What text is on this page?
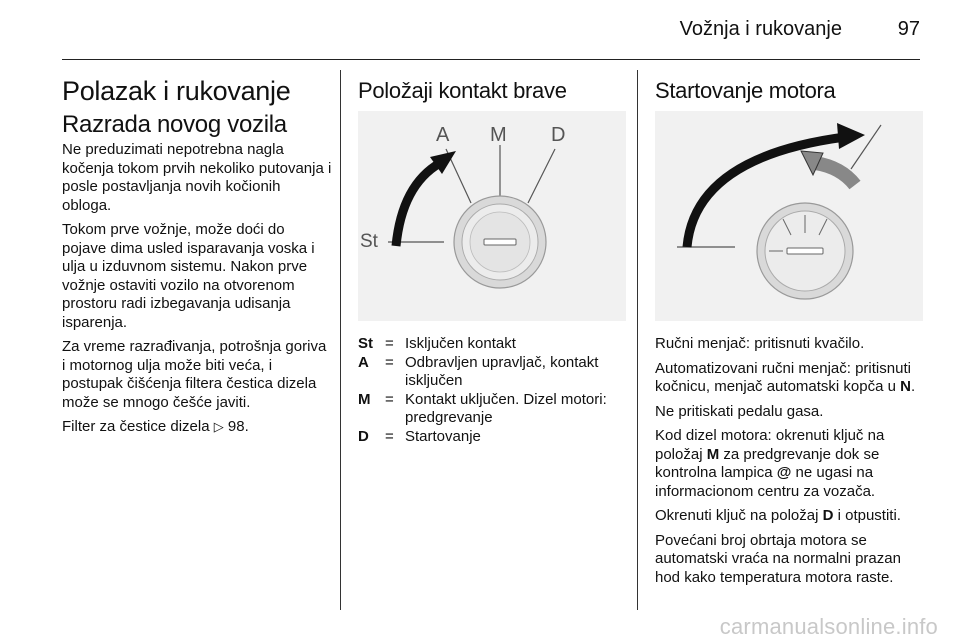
Vožnja i rukovanje	97
Polazak i rukovanje
Razrada novog vozila

Ne preduzimati nepotrebna nagla kočenja tokom prvih nekoliko putovanja i posle postavljanja novih kočionih obloga.

Tokom prve vožnje, može doći do pojave dima usled isparavanja voska i ulja u izduvnom sistemu. Nakon prve vožnje ostaviti vozilo na otvorenom prostoru radi izbegavanja udisanja isparenja.

Za vreme razrađivanja, potrošnja goriva i motornog ulja može biti veća, i postupak čišćenja filtera čestica dizela može se mnogo češće javiti.

Filter za čestice dizela ▷ 98.

Položaji kontakt brave
A M D
St
St = Isključen kontakt
A	= Odbravljen upravljač, kontakt isključen
M = Kontakt uključen. Dizel motori: predgrevanje
D	= Startovanje
Startovanje motora

Ručni menjač: pritisnuti kvačilo.

Automatizovani ručni menjač: pritisnuti kočnicu, menjač automatski kopča u N.

Ne pritiskati pedalu gasa.

Kod dizel motora: okrenuti ključ na položaj M za predgrevanje dok se kontrolna lampica @ ne ugasi na informacionom centru za vozača.

Okrenuti ključ na položaj D i otpustiti.

Povećani broj obrtaja motora se automatski vraća na normalni prazan hod kako temperatura motora raste.

carmanualsonline.info
